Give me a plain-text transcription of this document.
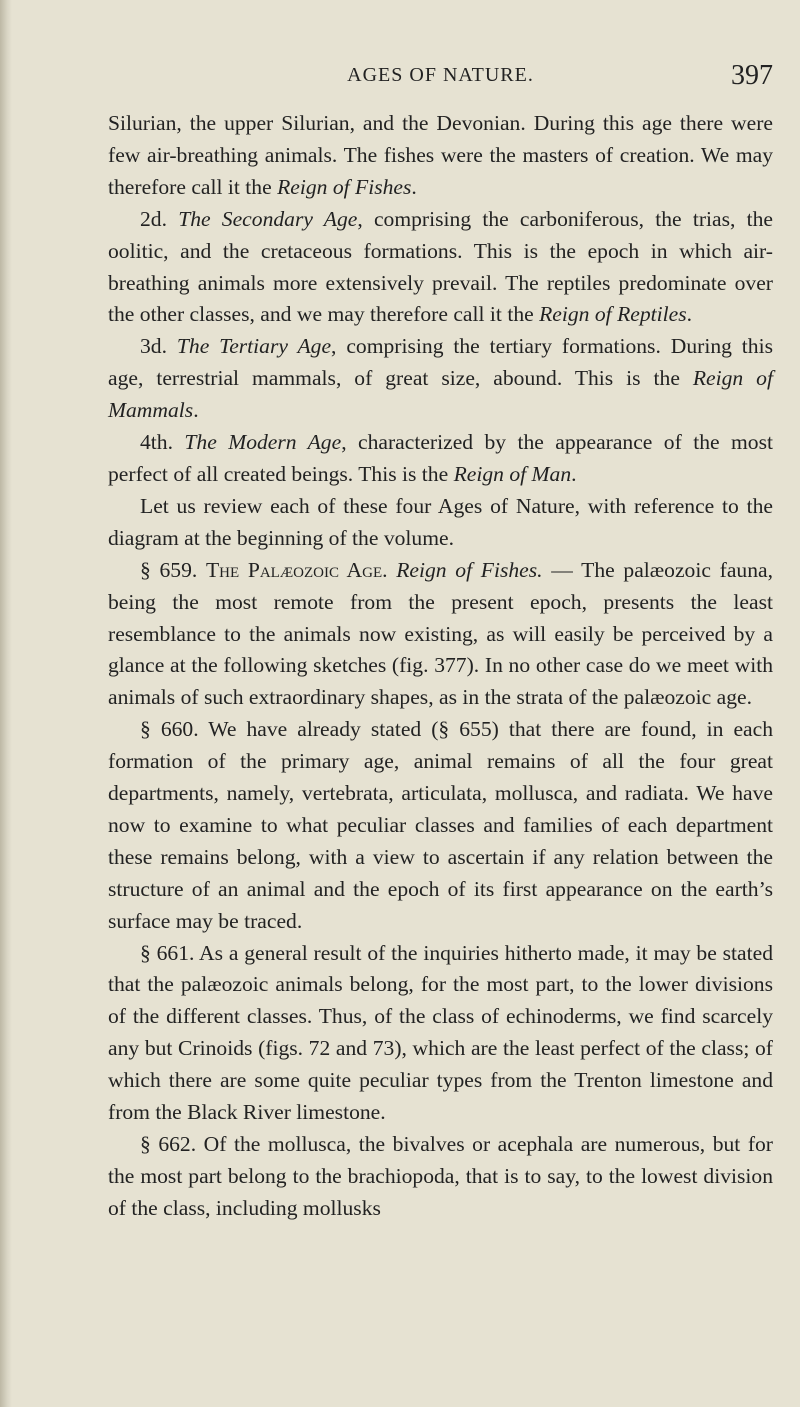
AGES OF NATURE.	397

Silurian, the upper Silurian, and the Devonian. During this age there were few air-breathing animals. The fishes were the masters of creation. We may therefore call it the Reign of Fishes.

2d. The Secondary Age, comprising the carboniferous, the trias, the oolitic, and the cretaceous formations. This is the epoch in which air-breathing animals more extensively prevail. The reptiles predominate over the other classes, and we may therefore call it the Reign of Reptiles.

3d. The Tertiary Age, comprising the tertiary formations. During this age, terrestrial mammals, of great size, abound. This is the Reign of Mammals.

4th. The Modern Age, characterized by the appearance of the most perfect of all created beings. This is the Reign of Man.

Let us review each of these four Ages of Nature, with reference to the diagram at the beginning of the volume.

§ 659. The Palæozoic Age. Reign of Fishes. — The palæozoic fauna, being the most remote from the present epoch, presents the least resemblance to the animals now existing, as will easily be perceived by a glance at the following sketches (fig. 377). In no other case do we meet with animals of such extraordinary shapes, as in the strata of the palæozoic age.

§ 660. We have already stated (§ 655) that there are found, in each formation of the primary age, animal remains of all the four great departments, namely, vertebrata, articulata, mollusca, and radiata. We have now to examine to what peculiar classes and families of each department these remains belong, with a view to ascertain if any relation between the structure of an animal and the epoch of its first appearance on the earth’s surface may be traced.

§ 661. As a general result of the inquiries hitherto made, it may be stated that the palæozoic animals belong, for the most part, to the lower divisions of the different classes. Thus, of the class of echinoderms, we find scarcely any but Crinoids (figs. 72 and 73), which are the least perfect of the class; of which there are some quite peculiar types from the Trenton limestone and from the Black River limestone.

§ 662. Of the mollusca, the bivalves or acephala are numerous, but for the most part belong to the brachiopoda, that is to say, to the lowest division of the class, including mollusks
